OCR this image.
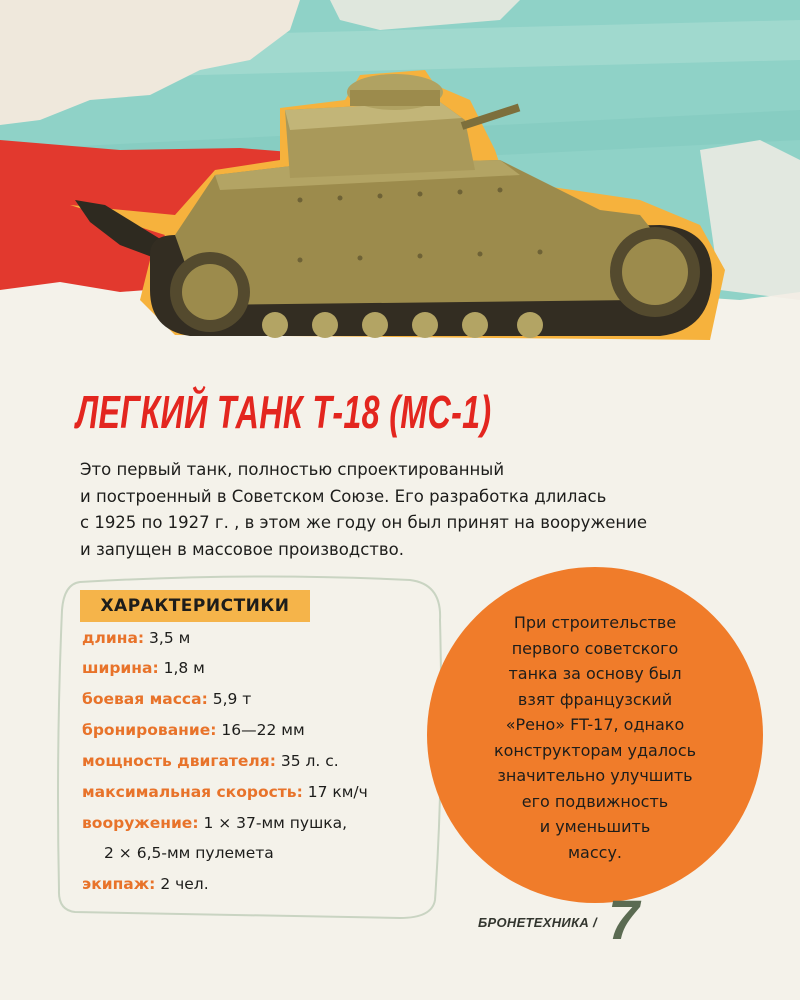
ЛЕГКИЙ ТАНК Т-18 (МС-1)
Это первый танк, полностью спроектированный
и построенный в Советском Союзе. Его разработка длилась
с 1925 по 1927 г. , в этом же году он был принят на вооружение
и запущен в массовое производство.
ХАРАКТЕРИСТИКИ
длина: 3,5 м
ширина: 1,8 м
боевая масса: 5,9 т
бронирование: 16—22 мм
мощность двигателя: 35 л. с.
максимальная скорость: 17 км/ч
вооружение: 1 × 37-мм пушка,
2 × 6,5-мм пулемета
экипаж: 2 чел.
При строительстве
первого советского
танка за основу был
взят французский
«Рено» FT-17, однако
конструкторам удалось
значительно улучшить
его подвижность
и уменьшить
массу.
БРОНЕТЕХНИКА / 7
